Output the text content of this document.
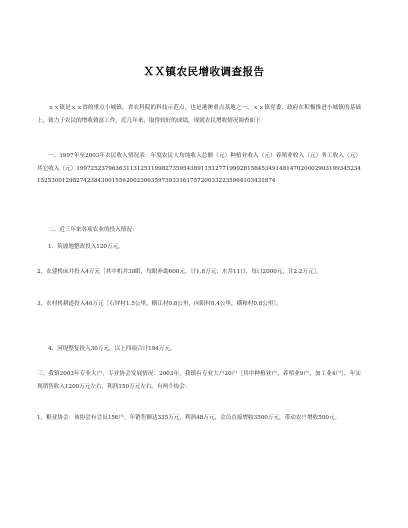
ＸＸ镇农民增收调查报告
ｘｘ镇是ｘｘ省的重点小城镇，省农科院的科技示范点，也是港澳重点基地之一。ｘｘ镇党委、政府在积极推进小城镇的基础上，致力于农民的增收致富工作，近几年来，取得较好的成绩，现就农民增收情况调查如下：
一、1997年至2003年农民收入情况表：年度农民人均纯收入总额（元）种植业收入（元）养殖业收入（元）务工收入（元）其它收入（元）199725237963631131251199827359543891151277199928158453491481470200029031993452341525300129827423843001556200230635973933161757200332235964103431874
二、近三年来各项农业的投入情况：
1、筑坡地整改投入120万元。
2、农建机床井投入4万元［其中机井30眼，每眼补助600元，计1.8万元；水井11口，每口2000元，计2.2万元］。
3、农村机耕道投入40万元［石坪村1.5公里，横江村0.8公里，向阳村0.4公里，横和村0.8公里］。
4、河堤整复投入30万元。以上四项合计194万元。
三、我镇2003年专业大户、专业协会发展情况：2003年，我镇有专业大户20户［其中种植业户，养殖业9户，加工业4户］，年实现销售收入1200万元左右，利润150万元左右。有两个协会：
1、粮业协会：该协会有会员156户，年销售额达335万元，利润48万元，会员直接增收3500万元，带动农户增收500元。
